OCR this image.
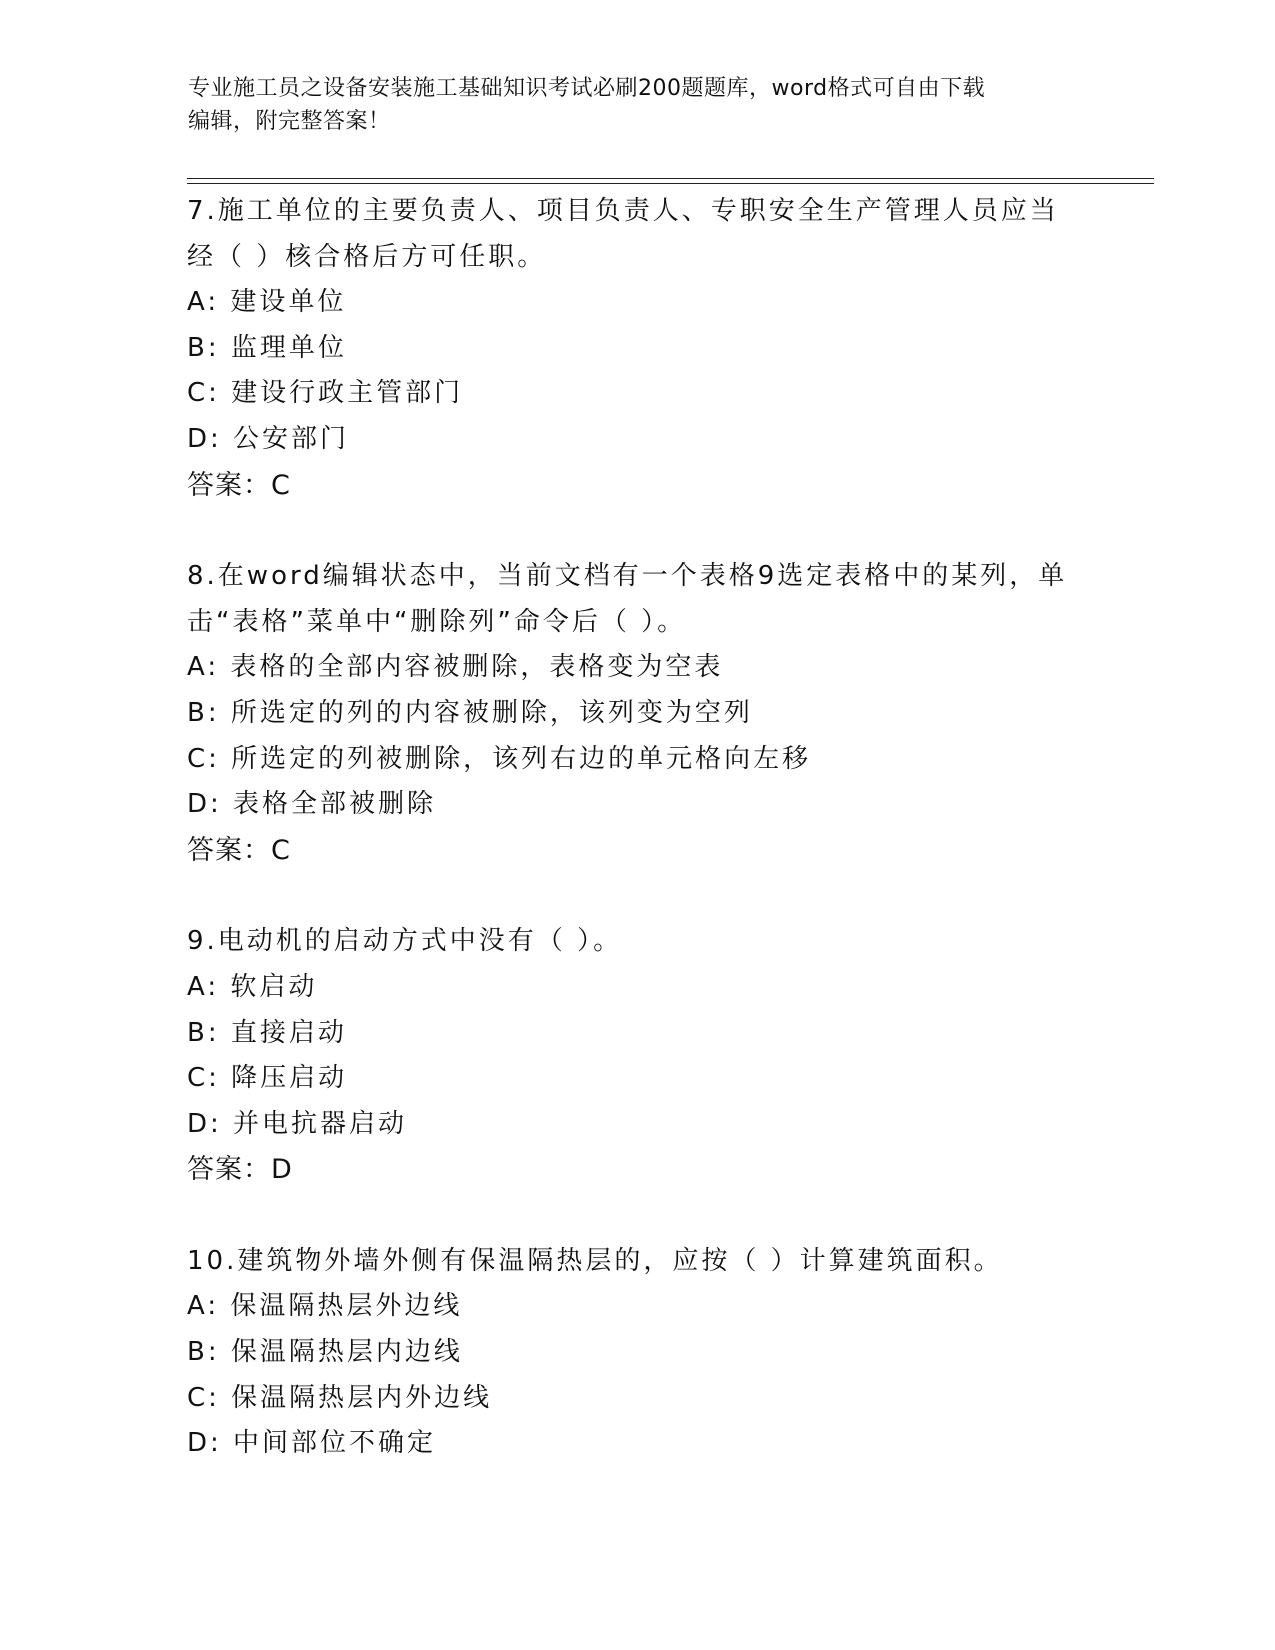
专业施工员之设备安装施工基础知识考试必刷200题题库，word格式可自由下载
编辑，附完整答案！
7.施工单位的主要负责人、项目负责人、专职安全生产管理人员应当
经（ ）核合格后方可任职。
A: 建设单位
B: 监理单位
C: 建设行政主管部门
D: 公安部门
答案：C
8.在word编辑状态中，当前文档有一个表格9选定表格中的某列，单
击“表格”菜单中“删除列”命令后（ ）。
A: 表格的全部内容被删除，表格变为空表
B: 所选定的列的内容被删除，该列变为空列
C: 所选定的列被删除，该列右边的单元格向左移
D: 表格全部被删除
答案：C
9.电动机的启动方式中没有（ ）。
A: 软启动
B: 直接启动
C: 降压启动
D: 并电抗器启动
答案：D
10.建筑物外墙外侧有保温隔热层的，应按（ ）计算建筑面积。
A: 保温隔热层外边线
B: 保温隔热层内边线
C: 保温隔热层内外边线
D: 中间部位不确定
